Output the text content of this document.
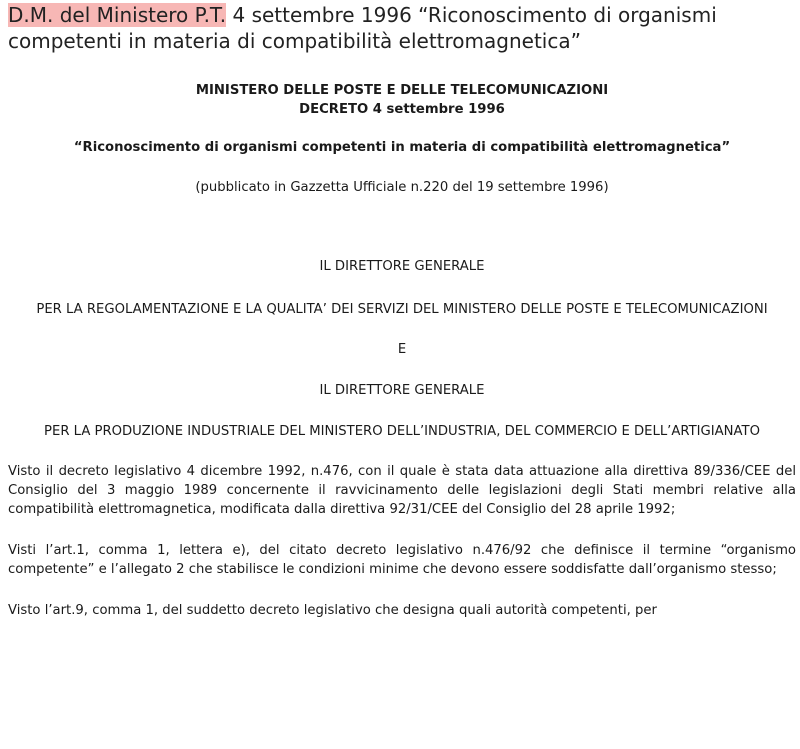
D.M. del Ministero P.T. 4 settembre 1996 “Riconoscimento di organismi competenti in materia di compatibilità elettromagnetica”
MINISTERO DELLE POSTE E DELLE TELECOMUNICAZIONI
DECRETO 4 settembre 1996
“Riconoscimento di organismi competenti in materia di compatibilità elettromagnetica”
(pubblicato in Gazzetta Ufficiale n.220 del 19 settembre 1996)
IL DIRETTORE GENERALE
PER LA REGOLAMENTAZIONE E LA QUALITA’ DEI SERVIZI DEL MINISTERO DELLE POSTE E TELECOMUNICAZIONI
E
IL DIRETTORE GENERALE
PER LA PRODUZIONE INDUSTRIALE DEL MINISTERO DELL’INDUSTRIA, DEL COMMERCIO E DELL’ARTIGIANATO

Visto il decreto legislativo 4 dicembre 1992, n.476, con il quale è stata data attuazione alla direttiva 89/336/CEE del Consiglio del 3 maggio 1989 concernente il ravvicinamento delle legislazioni degli Stati membri relative alla compatibilità elettromagnetica, modificata dalla direttiva 92/31/CEE del Consiglio del 28 aprile 1992;

Visti l’art.1, comma 1, lettera e), del citato decreto legislativo n.476/92 che definisce il termine “organismo competente” e l’allegato 2 che stabilisce le condizioni minime che devono essere soddisfatte dall’organismo stesso;

Visto l’art.9, comma 1, del suddetto decreto legislativo che designa quali autorità competenti, per
